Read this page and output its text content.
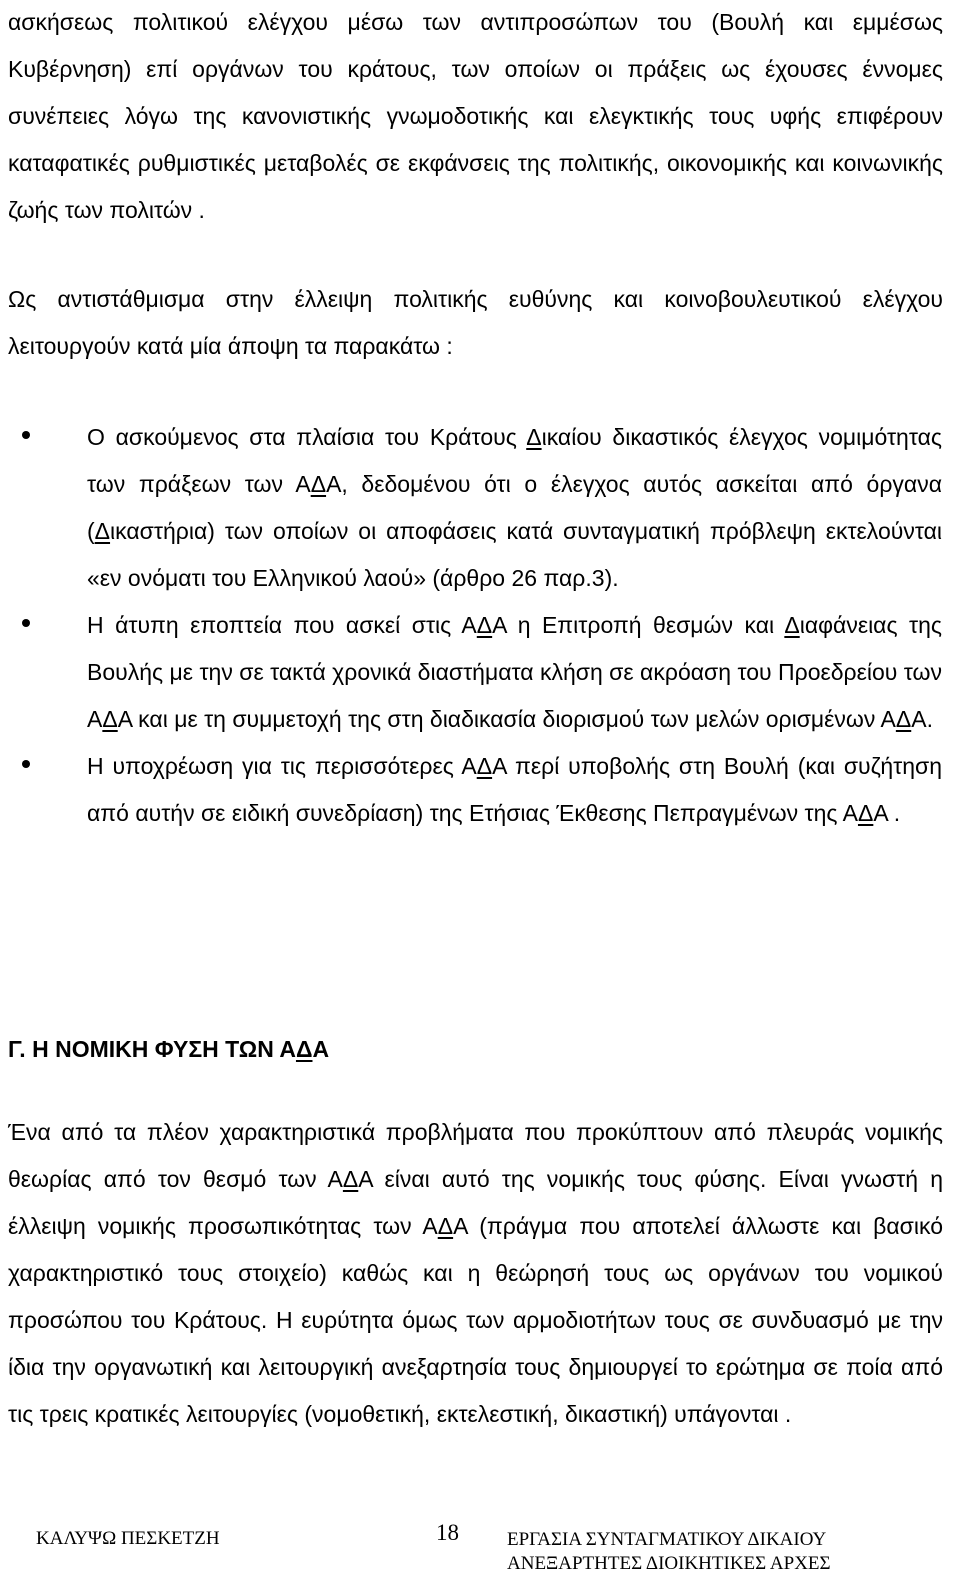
ασκήσεως πολιτικού ελέγχου μέσω των αντιπροσώπων του (Βουλή και εμμέσως Κυβέρνηση) επί οργάνων του κράτους, των οποίων οι πράξεις ως έχουσες έννομες συνέπειες λόγω της κανονιστικής γνωμοδοτικής και ελεγκτικής τους υφής επιφέρουν καταφατικές ρυθμιστικές μεταβολές σε εκφάνσεις της πολιτικής, οικονομικής και κοινωνικής ζωής των πολιτών .

Ως αντιστάθμισμα στην έλλειψη πολιτικής ευθύνης και κοινοβουλευτικού ελέγχου λειτουργούν κατά μία άποψη τα παρακάτω :

Ο ασκούμενος στα πλαίσια του Κράτους Δικαίου δικαστικός έλεγχος νομιμότητας των πράξεων των ΑΔΑ, δεδομένου ότι ο έλεγχος αυτός ασκείται από όργανα (Δικαστήρια) των οποίων οι αποφάσεις κατά συνταγματική πρόβλεψη εκτελούνται «εν ονόματι του Ελληνικού λαού» (άρθρο 26 παρ.3).
Η άτυπη εποπτεία που ασκεί στις ΑΔΑ η Επιτροπή θεσμών και Διαφάνειας της Βουλής με την σε τακτά χρονικά διαστήματα κλήση σε ακρόαση του Προεδρείου των ΑΔΑ και με τη συμμετοχή της στη διαδικασία διορισμού των μελών ορισμένων ΑΔΑ.
Η υποχρέωση για τις περισσότερες ΑΔΑ περί υποβολής στη Βουλή (και συζήτηση από αυτήν σε ειδική συνεδρίαση) της Ετήσιας Έκθεσης Πεπραγμένων της ΑΔΑ .
Γ. Η ΝΟΜΙΚΗ ΦΥΣΗ ΤΩΝ ΑΔΑ

Ένα από τα πλέον χαρακτηριστικά προβλήματα που προκύπτουν από πλευράς νομικής θεωρίας από τον θεσμό των ΑΔΑ είναι αυτό της νομικής τους φύσης. Είναι γνωστή η έλλειψη νομικής προσωπικότητας των ΑΔΑ (πράγμα που αποτελεί άλλωστε και βασικό χαρακτηριστικό τους στοιχείο) καθώς και η θεώρησή τους ως οργάνων του νομικού προσώπου του Κράτους. Η ευρύτητα όμως των αρμοδιοτήτων τους σε συνδυασμό με την ίδια την οργανωτική και λειτουργική ανεξαρτησία τους δημιουργεί το ερώτημα σε ποία από τις τρεις κρατικές λειτουργίες (νομοθετική, εκτελεστική, δικαστική) υπάγονται .

ΚΑΛΥΨΩ ΠΕΣΚΕΤΖΗ	18	ΕΡΓΑΣΙΑ ΣΥΝΤΑΓΜΑΤΙΚΟΥ ΔΙΚΑΙΟΥ
ΑΝΕΞΑΡΤΗΤΕΣ ΔΙΟΙΚΗΤΙΚΕΣ ΑΡΧΕΣ
